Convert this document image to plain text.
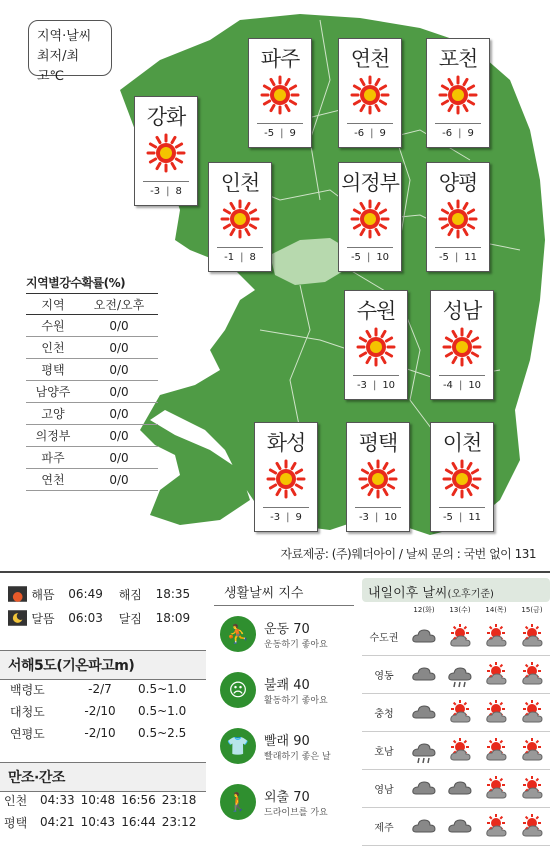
지역·날씨
최저/최고℃
파주
-5 | 9
연천
-6 | 9
포천
-6 | 9
강화
-3 | 8	인천
-1 | 8
의정부
-5 | 10
양평
-5 | 11
수원
-3 | 10
성남
-4 | 10
화성
-3 | 9
평택
-3 | 10
이천
-5 | 11
지역별강수확률(%)
지역	오전/오후
수원	0/0
인천	0/0
평택	0/0
남양주	0/0
고양	0/0
의정부	0/0
파주	0/0
연천	0/0
자료제공: (주)웨더아이 / 날씨 문의 : 국번 없이 131
해뜸	06:49	해짐	18:35
달뜸	06:03	달짐	18:09
서해5도(기온파고m)
백령도	-2/7	0.5~1.0
대청도	-2/10	0.5~1.0
연평도	-2/10	0.5~2.5
만조·간조
인천	04:33 10:48 16:56 23:18
평택	04:21 10:43 16:44 23:12
생활날씨 지수
⛹ 운동 70
운동하기 좋아요
☹ 불쾌 40
활동하기 좋아요
👕 빨래 90
빨래하기 좋은 날
🚶 외출 70
드라이브를 가요
내일이후 날씨(오후기준)
12(화)	13(수)	14(목)	15(금)
수도권
영동
충청
호남
영남
제주
